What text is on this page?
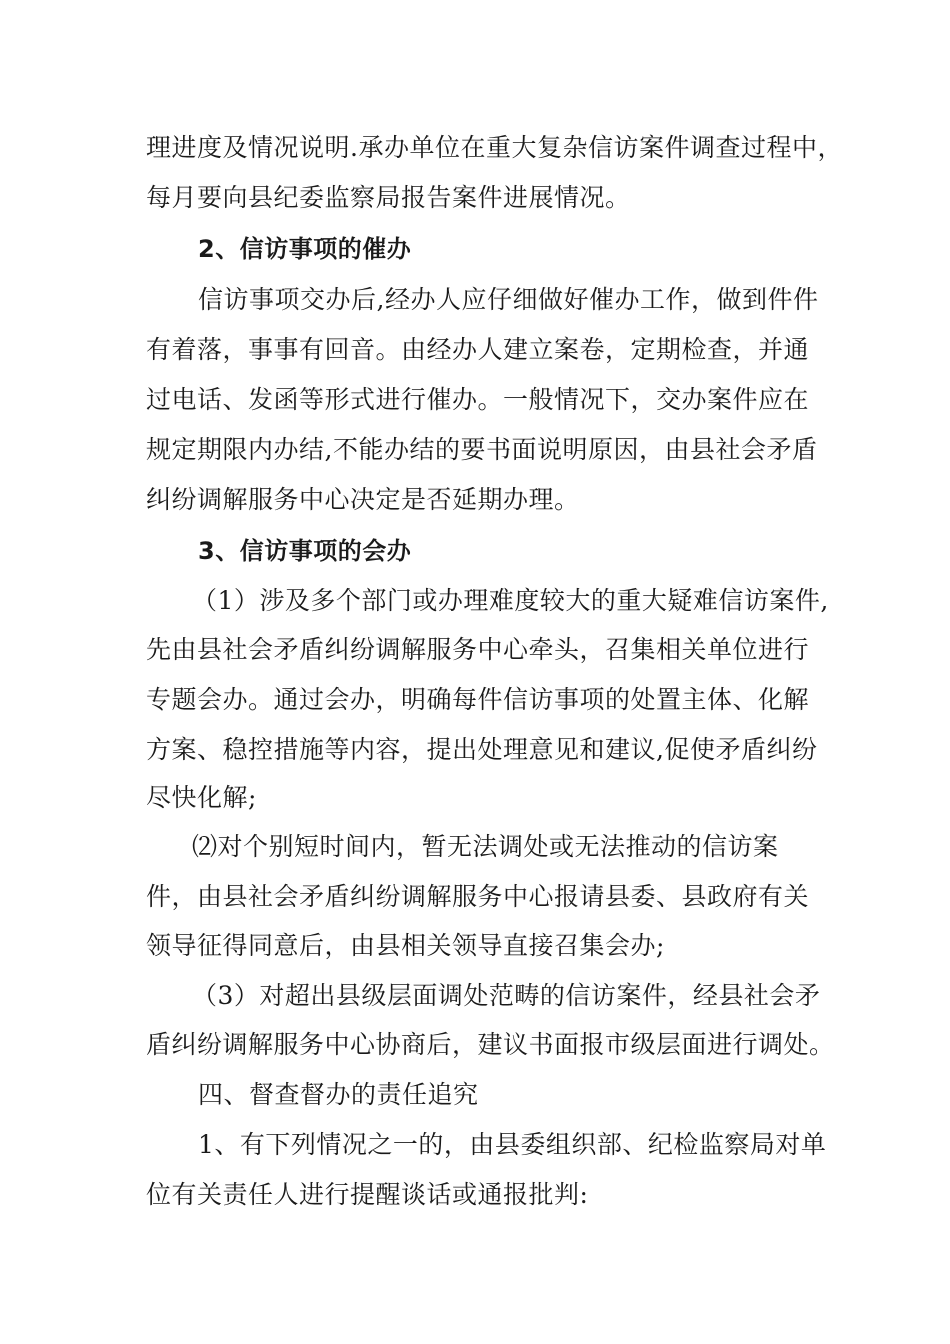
理进度及情况说明.承办单位在重大复杂信访案件调查过程中，
每月要向县纪委监察局报告案件进展情况。
2、信访事项的催办
信访事项交办后,经办人应仔细做好催办工作，做到件件
有着落，事事有回音。由经办人建立案卷，定期检查，并通
过电话、发函等形式进行催办。一般情况下，交办案件应在
规定期限内办结,不能办结的要书面说明原因，由县社会矛盾
纠纷调解服务中心决定是否延期办理。
3、信访事项的会办
（1）涉及多个部门或办理难度较大的重大疑难信访案件,
先由县社会矛盾纠纷调解服务中心牵头，召集相关单位进行
专题会办。通过会办，明确每件信访事项的处置主体、化解
方案、稳控措施等内容，提出处理意见和建议,促使矛盾纠纷
尽快化解;
⑵对个别短时间内，暂无法调处或无法推动的信访案
件，由县社会矛盾纠纷调解服务中心报请县委、县政府有关
领导征得同意后，由县相关领导直接召集会办;
（3）对超出县级层面调处范畴的信访案件，经县社会矛
盾纠纷调解服务中心协商后，建议书面报市级层面进行调处。
四、督查督办的责任追究
1、有下列情况之一的，由县委组织部、纪检监察局对单
位有关责任人进行提醒谈话或通报批判:
